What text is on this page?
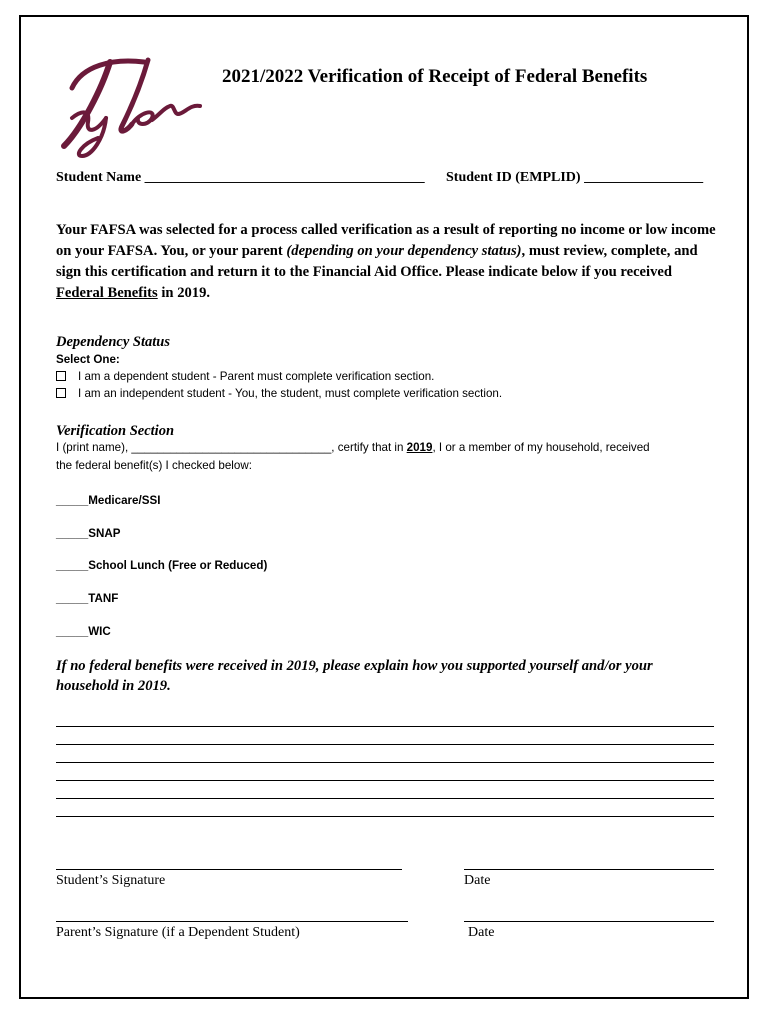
2021/2022 Verification of Receipt of Federal Benefits
Student Name ________________________________________ Student ID (EMPLID) _________________
Your FAFSA was selected for a process called verification as a result of reporting no income or low income on your FAFSA. You, or your parent (depending on your dependency status), must review, complete, and sign this certification and return it to the Financial Aid Office. Please indicate below if you received Federal Benefits in 2019.
Dependency Status
Select One:
I am a dependent student - Parent must complete verification section.
I am an independent student - You, the student, must complete verification section.
Verification Section
I (print name), _______________________________, certify that in 2019, I or a member of my household, received
the federal benefit(s) I checked below:
_____Medicare/SSI
_____SNAP
_____School Lunch (Free or Reduced)
_____TANF
_____WIC
If no federal benefits were received in 2019, please explain how you supported yourself and/or your household in 2019.
Student’s Signature	Date
Parent’s Signature (if a Dependent Student)	Date
